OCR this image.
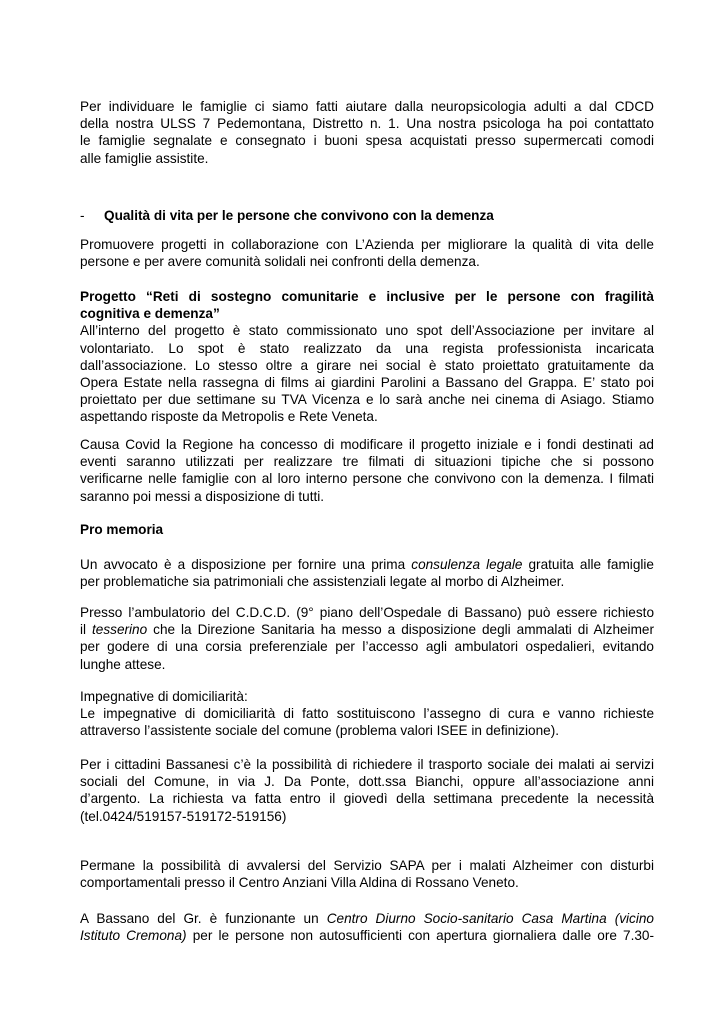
Per individuare le famiglie ci siamo fatti aiutare dalla neuropsicologia adulti a dal CDCD
della nostra ULSS 7 Pedemontana, Distretto n. 1. Una nostra psicologa ha poi contattato
le famiglie segnalate e consegnato i buoni spesa acquistati presso supermercati comodi
alle famiglie assistite.

- Qualità di vita per le persone che convivono con la demenza

Promuovere progetti in collaborazione con L’Azienda per migliorare la qualità di vita delle
persone e per avere comunità solidali nei confronti della demenza.

Progetto “Reti di sostegno comunitarie e inclusive per le persone con fragilità
cognitiva e demenza”
All’interno del progetto è stato commissionato uno spot dell’Associazione per invitare al
volontariato. Lo spot è stato realizzato da una regista professionista incaricata
dall’associazione. Lo stesso oltre a girare nei social è stato proiettato gratuitamente da
Opera Estate nella rassegna di films ai giardini Parolini a Bassano del Grappa. E’ stato poi
proiettato per due settimane su TVA Vicenza e lo sarà anche nei cinema di Asiago. Stiamo
aspettando risposte da Metropolis e Rete Veneta.

Causa Covid la Regione ha concesso di modificare il progetto iniziale e i fondi destinati ad
eventi saranno utilizzati per realizzare tre filmati di situazioni tipiche che si possono
verificarne nelle famiglie con al loro interno persone che convivono con la demenza. I filmati
saranno poi messi a disposizione di tutti.

Pro memoria

Un avvocato è a disposizione per fornire una prima consulenza legale gratuita alle famiglie
per problematiche sia patrimoniali che assistenziali legate al morbo di Alzheimer.

Presso l’ambulatorio del C.D.C.D. (9° piano dell’Ospedale di Bassano) può essere richiesto
il tesserino che la Direzione Sanitaria ha messo a disposizione degli ammalati di Alzheimer
per godere di una corsia preferenziale per l’accesso agli ambulatori ospedalieri, evitando
lunghe attese.

Impegnative di domiciliarità:
Le impegnative di domiciliarità di fatto sostituiscono l’assegno di cura e vanno richieste
attraverso l’assistente sociale del comune (problema valori ISEE in definizione).

Per i cittadini Bassanesi c’è la possibilità di richiedere il trasporto sociale dei malati ai servizi
sociali del Comune, in via J. Da Ponte, dott.ssa Bianchi, oppure all’associazione anni
d’argento. La richiesta va fatta entro il giovedì della settimana precedente la necessità
(tel.0424/519157-519172-519156)

Permane la possibilità di avvalersi del Servizio SAPA per i malati Alzheimer con disturbi
comportamentali presso il Centro Anziani Villa Aldina di Rossano Veneto.

A Bassano del Gr. è funzionante un Centro Diurno Socio-sanitario Casa Martina (vicino
Istituto Cremona) per le persone non autosufficienti con apertura giornaliera dalle ore 7.30-
